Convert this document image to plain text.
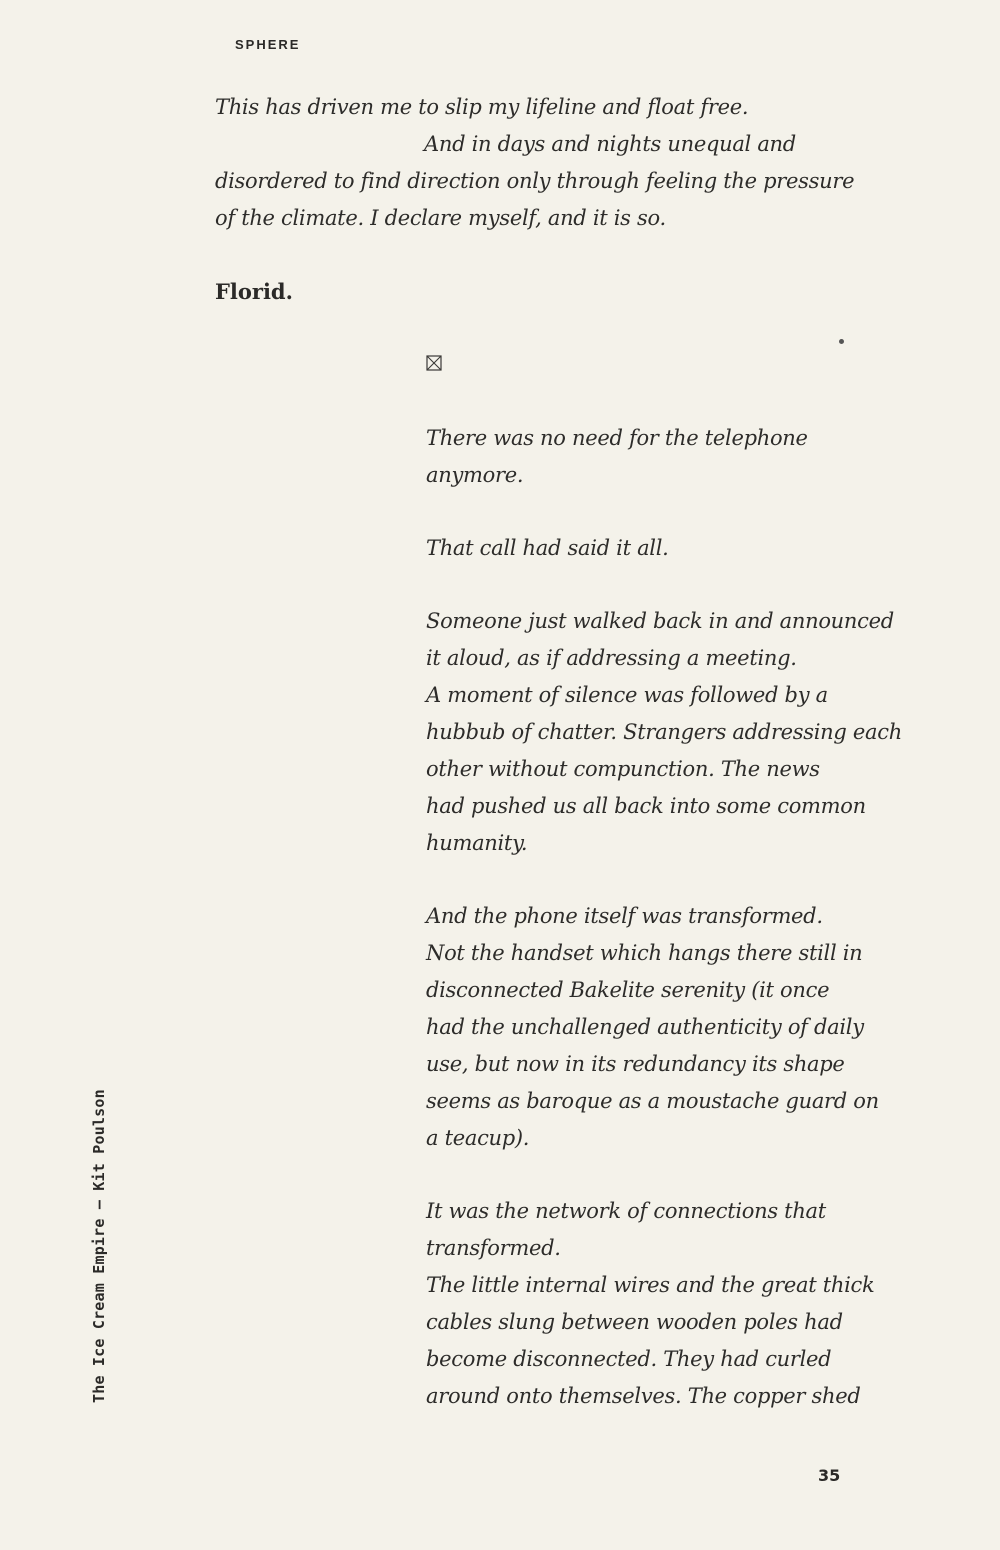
SPHERE
This has driven me to slip my lifeline and float free.
And in days and nights unequal and
disordered to find direction only through feeling the pressure
of the climate. I declare myself, and it is so.
Florid.

There was no need for the telephone
anymore.

That call had said it all.

Someone just walked back in and announced
it aloud, as if addressing a meeting.
A moment of silence was followed by a
hubbub of chatter. Strangers addressing each
other without compunction. The news
had pushed us all back into some common
humanity.

And the phone itself was transformed.
Not the handset which hangs there still in
disconnected Bakelite serenity (it once
had the unchallenged authenticity of daily
use, but now in its redundancy its shape
seems as baroque as a moustache guard on
a teacup).

It was the network of connections that
transformed.
The little internal wires and the great thick
cables slung between wooden poles had
become disconnected. They had curled
around onto themselves. The copper shed

The Ice Cream Empire – Kit Poulson
35
